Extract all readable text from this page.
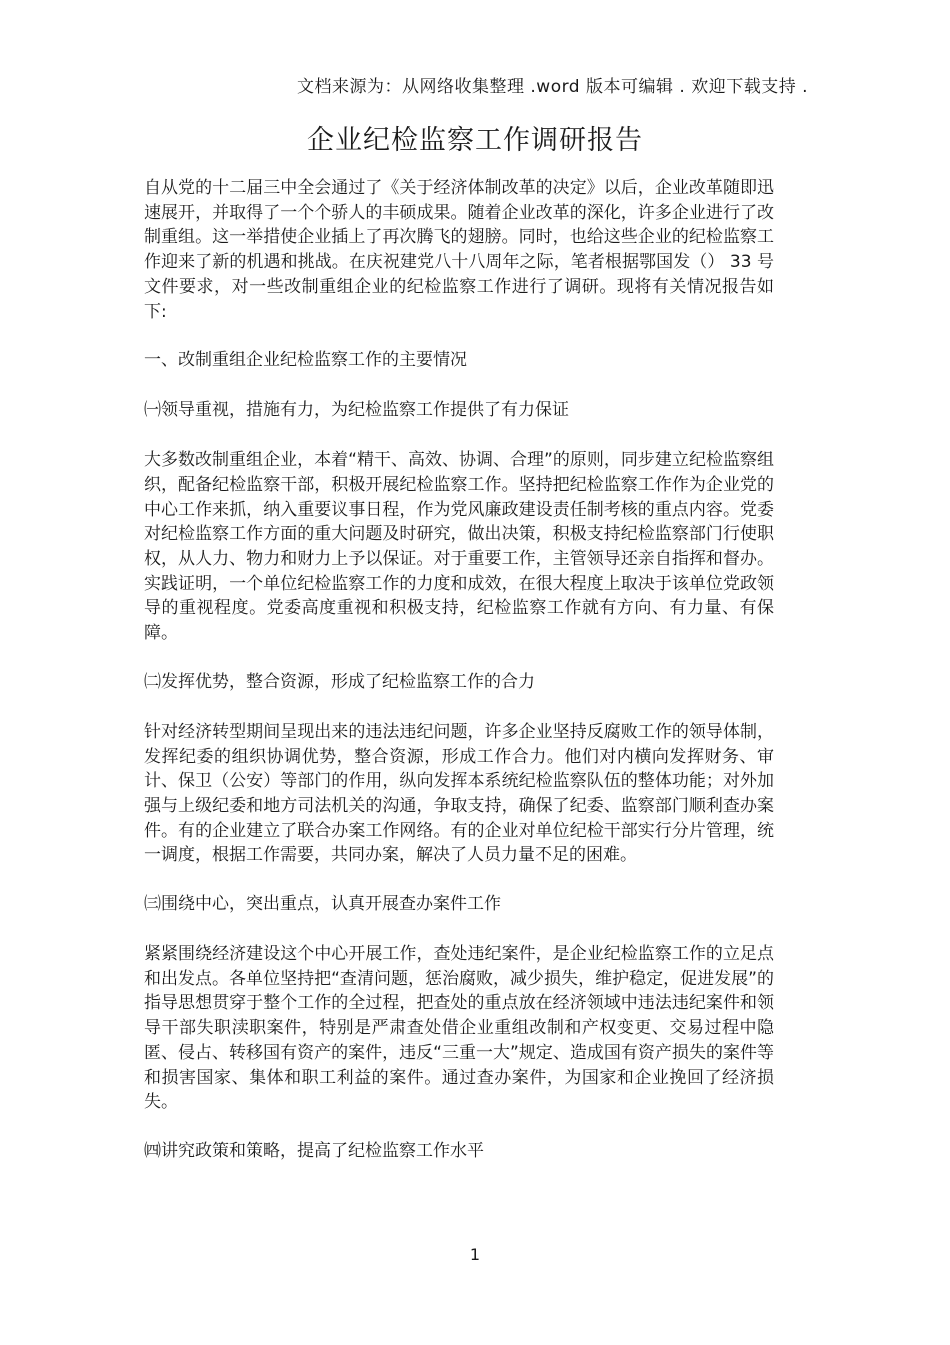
文档来源为：从网络收集整理 .word 版本可编辑 . 欢迎下载支持 .
企业纪检监察工作调研报告

自从党的十二届三中全会通过了《关于经济体制改革的决定》以后，企业改革随即迅速展开，并取得了一个个骄人的丰硕成果。随着企业改革的深化，许多企业进行了改制重组。这一举措使企业插上了再次腾飞的翅膀。同时，也给这些企业的纪检监察工作迎来了新的机遇和挑战。在庆祝建党八十八周年之际，笔者根据鄂国发（） 33 号文件要求，对一些改制重组企业的纪检监察工作进行了调研。现将有关情况报告如下:

一、改制重组企业纪检监察工作的主要情况
㈠领导重视，措施有力，为纪检监察工作提供了有力保证

大多数改制重组企业，本着“精干、高效、协调、合理”的原则，同步建立纪检监察组织，配备纪检监察干部，积极开展纪检监察工作。坚持把纪检监察工作作为企业党的中心工作来抓，纳入重要议事日程，作为党风廉政建设责任制考核的重点内容。党委对纪检监察工作方面的重大问题及时研究，做出决策，积极支持纪检监察部门行使职权，从人力、物力和财力上予以保证。对于重要工作，主管领导还亲自指挥和督办。实践证明，一个单位纪检监察工作的力度和成效，在很大程度上取决于该单位党政领导的重视程度。党委高度重视和积极支持，纪检监察工作就有方向、有力量、有保障。

㈡发挥优势，整合资源，形成了纪检监察工作的合力

针对经济转型期间呈现出来的违法违纪问题，许多企业坚持反腐败工作的领导体制，发挥纪委的组织协调优势，整合资源，形成工作合力。他们对内横向发挥财务、审计、保卫（公安）等部门的作用，纵向发挥本系统纪检监察队伍的整体功能；对外加强与上级纪委和地方司法机关的沟通，争取支持，确保了纪委、监察部门顺利查办案件。有的企业建立了联合办案工作网络。有的企业对单位纪检干部实行分片管理，统一调度，根据工作需要，共同办案，解决了人员力量不足的困难。

㈢围绕中心，突出重点，认真开展查办案件工作

紧紧围绕经济建设这个中心开展工作，查处违纪案件，是企业纪检监察工作的立足点和出发点。各单位坚持把“查清问题，惩治腐败，减少损失，维护稳定，促进发展”的指导思想贯穿于整个工作的全过程，把查处的重点放在经济领域中违法违纪案件和领导干部失职渎职案件，特别是严肃查处借企业重组改制和产权变更、交易过程中隐匿、侵占、转移国有资产的案件，违反“三重一大”规定、造成国有资产损失的案件等和损害国家、集体和职工利益的案件。通过查办案件，为国家和企业挽回了经济损失。

㈣讲究政策和策略，提高了纪检监察工作水平
1
